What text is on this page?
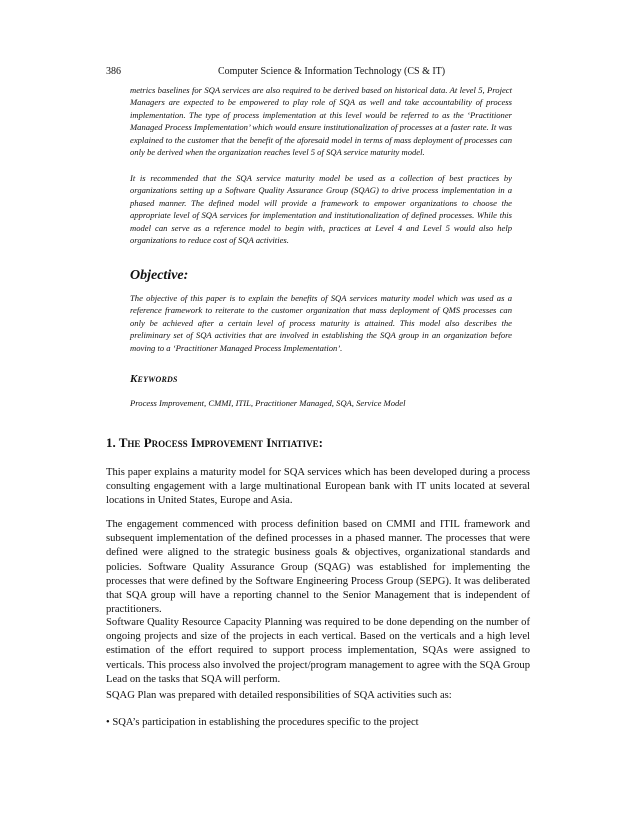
386	Computer Science & Information Technology (CS & IT)

metrics baselines for SQA services are also required to be derived based on historical data. At level 5, Project Managers are expected to be empowered to play role of SQA as well and take accountability of process implementation. The type of process implementation at this level would be referred to as the ‘Practitioner Managed Process Implementation’ which would ensure institutionalization of processes at a faster rate. It was explained to the customer that the benefit of the aforesaid model in terms of mass deployment of processes can only be derived when the organization reaches level 5 of SQA service maturity model.

It is recommended that the SQA service maturity model be used as a collection of best practices by organizations setting up a Software Quality Assurance Group (SQAG) to drive process implementation in a phased manner. The defined model will provide a framework to empower organizations to choose the appropriate level of SQA services for implementation and institutionalization of defined processes. While this model can serve as a reference model to begin with, practices at Level 4 and Level 5 would also help organizations to reduce cost of SQA activities.

Objective:

The objective of this paper is to explain the benefits of SQA services maturity model which was used as a reference framework to reiterate to the customer organization that mass deployment of QMS processes can only be achieved after a certain level of process maturity is attained. This model also describes the preliminary set of SQA activities that are involved in establishing the SQA group in an organization before moving to a ‘Practitioner Managed Process Implementation’.

Keywords
Process Improvement, CMMI, ITIL, Practitioner Managed, SQA, Service Model
1. The Process Improvement Initiative:

This paper explains a maturity model for SQA services which has been developed during a process consulting engagement with a large multinational European bank with IT units located at several locations in United States, Europe and Asia.

The engagement commenced with process definition based on CMMI and ITIL framework and subsequent implementation of the defined processes in a phased manner. The processes that were defined were aligned to the strategic business goals & objectives, organizational standards and policies. Software Quality Assurance Group (SQAG) was established for implementing the processes that were defined by the Software Engineering Process Group (SEPG). It was deliberated that SQA group will have a reporting channel to the Senior Management that is independent of practitioners.

Software Quality Resource Capacity Planning was required to be done depending on the number of ongoing projects and size of the projects in each vertical. Based on the verticals and a high level estimation of the effort required to support process implementation, SQAs were assigned to verticals. This process also involved the project/program management to agree with the SQA Group Lead on the tasks that SQA will perform.

SQAG Plan was prepared with detailed responsibilities of SQA activities such as:

• SQA’s participation in establishing the procedures specific to the project
